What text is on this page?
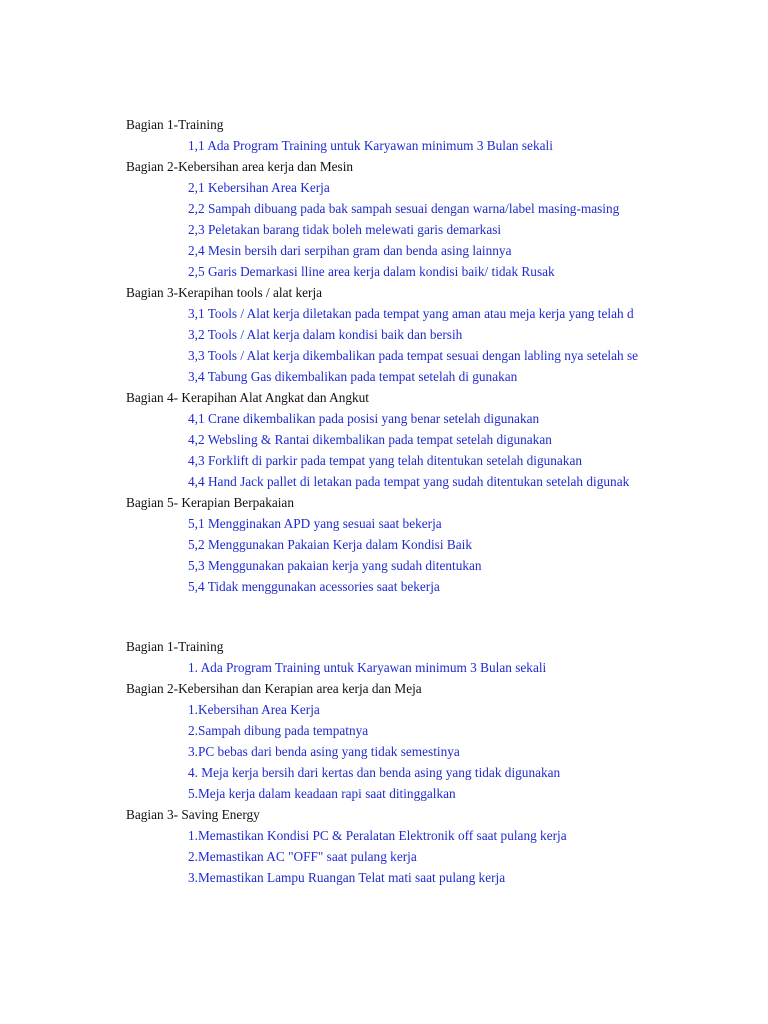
Bagian 1-Training
1,1 Ada Program Training untuk Karyawan minimum 3 Bulan sekali
Bagian 2-Kebersihan area kerja dan Mesin
2,1 Kebersihan Area Kerja
2,2 Sampah dibuang pada bak sampah sesuai dengan warna/label masing-masing
2,3 Peletakan barang tidak boleh melewati garis demarkasi
2,4 Mesin bersih dari serpihan gram dan benda asing lainnya
2,5 Garis Demarkasi lline area kerja dalam kondisi baik/ tidak Rusak
Bagian 3-Kerapihan tools / alat kerja
3,1 Tools / Alat kerja diletakan pada tempat yang aman atau meja kerja yang telah d
3,2 Tools / Alat kerja dalam kondisi baik dan bersih
3,3 Tools / Alat kerja dikembalikan pada tempat sesuai dengan labling nya setelah se
3,4 Tabung Gas dikembalikan pada tempat setelah di gunakan
Bagian 4- Kerapihan Alat Angkat dan Angkut
4,1 Crane dikembalikan pada posisi yang benar setelah digunakan
4,2 Websling & Rantai dikembalikan pada tempat setelah digunakan
4,3 Forklift di parkir pada tempat yang telah ditentukan setelah digunakan
4,4 Hand Jack pallet di letakan pada tempat yang sudah ditentukan setelah digunak
Bagian 5- Kerapian Berpakaian
5,1 Mengginakan APD yang sesuai saat bekerja
5,2 Menggunakan Pakaian Kerja dalam Kondisi Baik
5,3 Menggunakan pakaian kerja yang sudah ditentukan
5,4 Tidak menggunakan acessories saat bekerja
Bagian 1-Training
1. Ada Program Training untuk Karyawan minimum 3 Bulan sekali
Bagian 2-Kebersihan dan Kerapian area kerja dan Meja
1.Kebersihan Area Kerja
2.Sampah dibung pada tempatnya
3.PC bebas dari benda asing yang tidak semestinya
4. Meja kerja bersih dari kertas dan benda asing yang tidak digunakan
5.Meja kerja dalam keadaan rapi saat ditinggalkan
Bagian 3- Saving Energy
1.Memastikan Kondisi PC & Peralatan Elektronik off saat pulang kerja
2.Memastikan AC "OFF" saat pulang kerja
3.Memastikan Lampu Ruangan Telat mati saat pulang kerja
